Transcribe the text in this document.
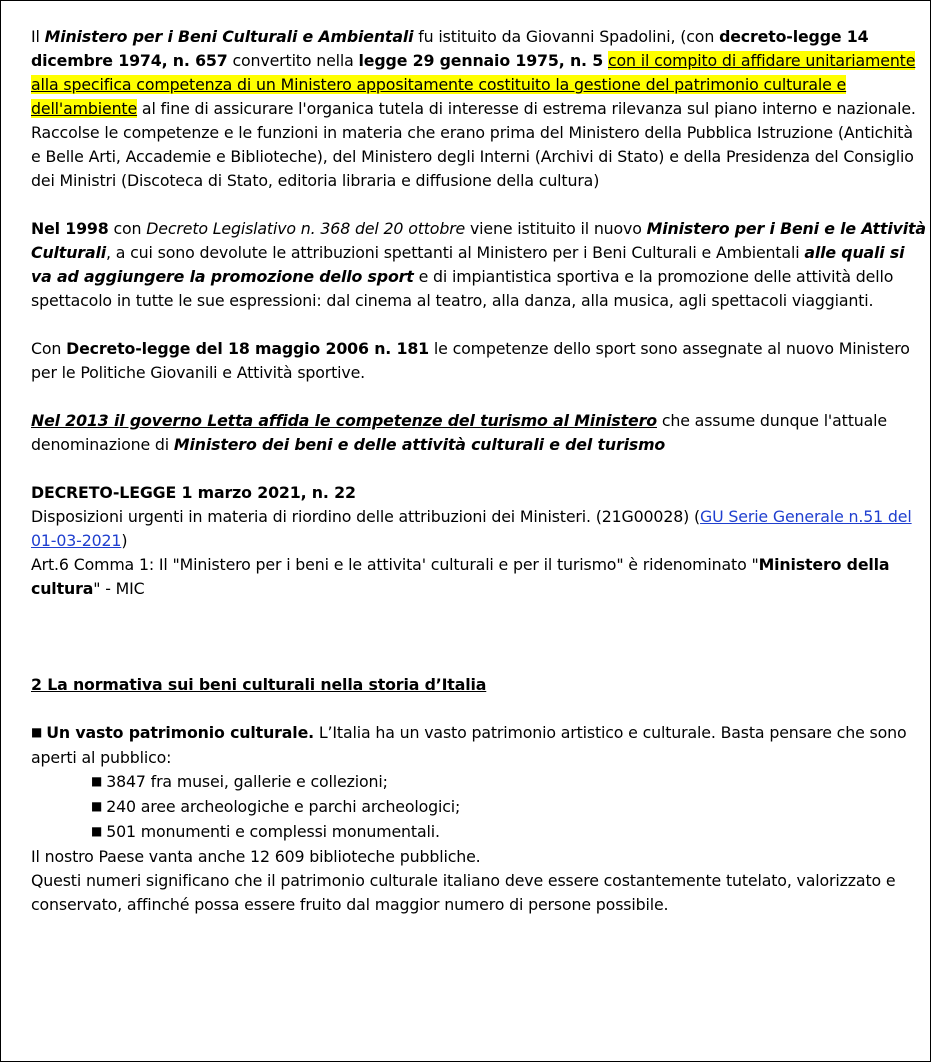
Il Ministero per i Beni Culturali e Ambientali fu istituito da Giovanni Spadolini, (con decreto-legge 14 dicembre 1974, n. 657 convertito nella legge 29 gennaio 1975, n. 5 con il compito di affidare unitariamente alla specifica competenza di un Ministero appositamente costituito la gestione del patrimonio culturale e dell'ambiente al fine di assicurare l'organica tutela di interesse di estrema rilevanza sul piano interno e nazionale.

Raccolse le competenze e le funzioni in materia che erano prima del Ministero della Pubblica Istruzione (Antichità e Belle Arti, Accademie e Biblioteche), del Ministero degli Interni (Archivi di Stato) e della Presidenza del Consiglio dei Ministri (Discoteca di Stato, editoria libraria e diffusione della cultura)

Nel 1998 con Decreto Legislativo n. 368 del 20 ottobre viene istituito il nuovo Ministero per i Beni e le Attività Culturali, a cui sono devolute le attribuzioni spettanti al Ministero per i Beni Culturali e Ambientali alle quali si va ad aggiungere la promozione dello sport e di impiantistica sportiva e la promozione delle attività dello spettacolo in tutte le sue espressioni: dal cinema al teatro, alla danza, alla musica, agli spettacoli viaggianti.

Con Decreto-legge del 18 maggio 2006 n. 181 le competenze dello sport sono assegnate al nuovo Ministero per le Politiche Giovanili e Attività sportive.

Nel 2013 il governo Letta affida le competenze del turismo al Ministero che assume dunque l'attuale denominazione di Ministero dei beni e delle attività culturali e del turismo

DECRETO-LEGGE 1 marzo 2021, n. 22

Disposizioni urgenti in materia di riordino delle attribuzioni dei Ministeri. (21G00028) (GU Serie Generale n.51 del 01-03-2021)

Art.6 Comma 1: Il "Ministero per i beni e le attivita' culturali e per il turismo" è ridenominato "Ministero della cultura" - MIC

2 La normativa sui beni culturali nella storia d’Italia

■ Un vasto patrimonio culturale. L’Italia ha un vasto patrimonio artistico e culturale. Basta pensare che sono aperti al pubblico:

■ 3847 fra musei, gallerie e collezioni;
■ 240 aree archeologiche e parchi archeologici;
■ 501 monumenti e complessi monumentali.

Il nostro Paese vanta anche 12 609 biblioteche pubbliche.

Questi numeri significano che il patrimonio culturale italiano deve essere costantemente tutelato, valorizzato e conservato, affinché possa essere fruito dal maggior numero di persone possibile.
